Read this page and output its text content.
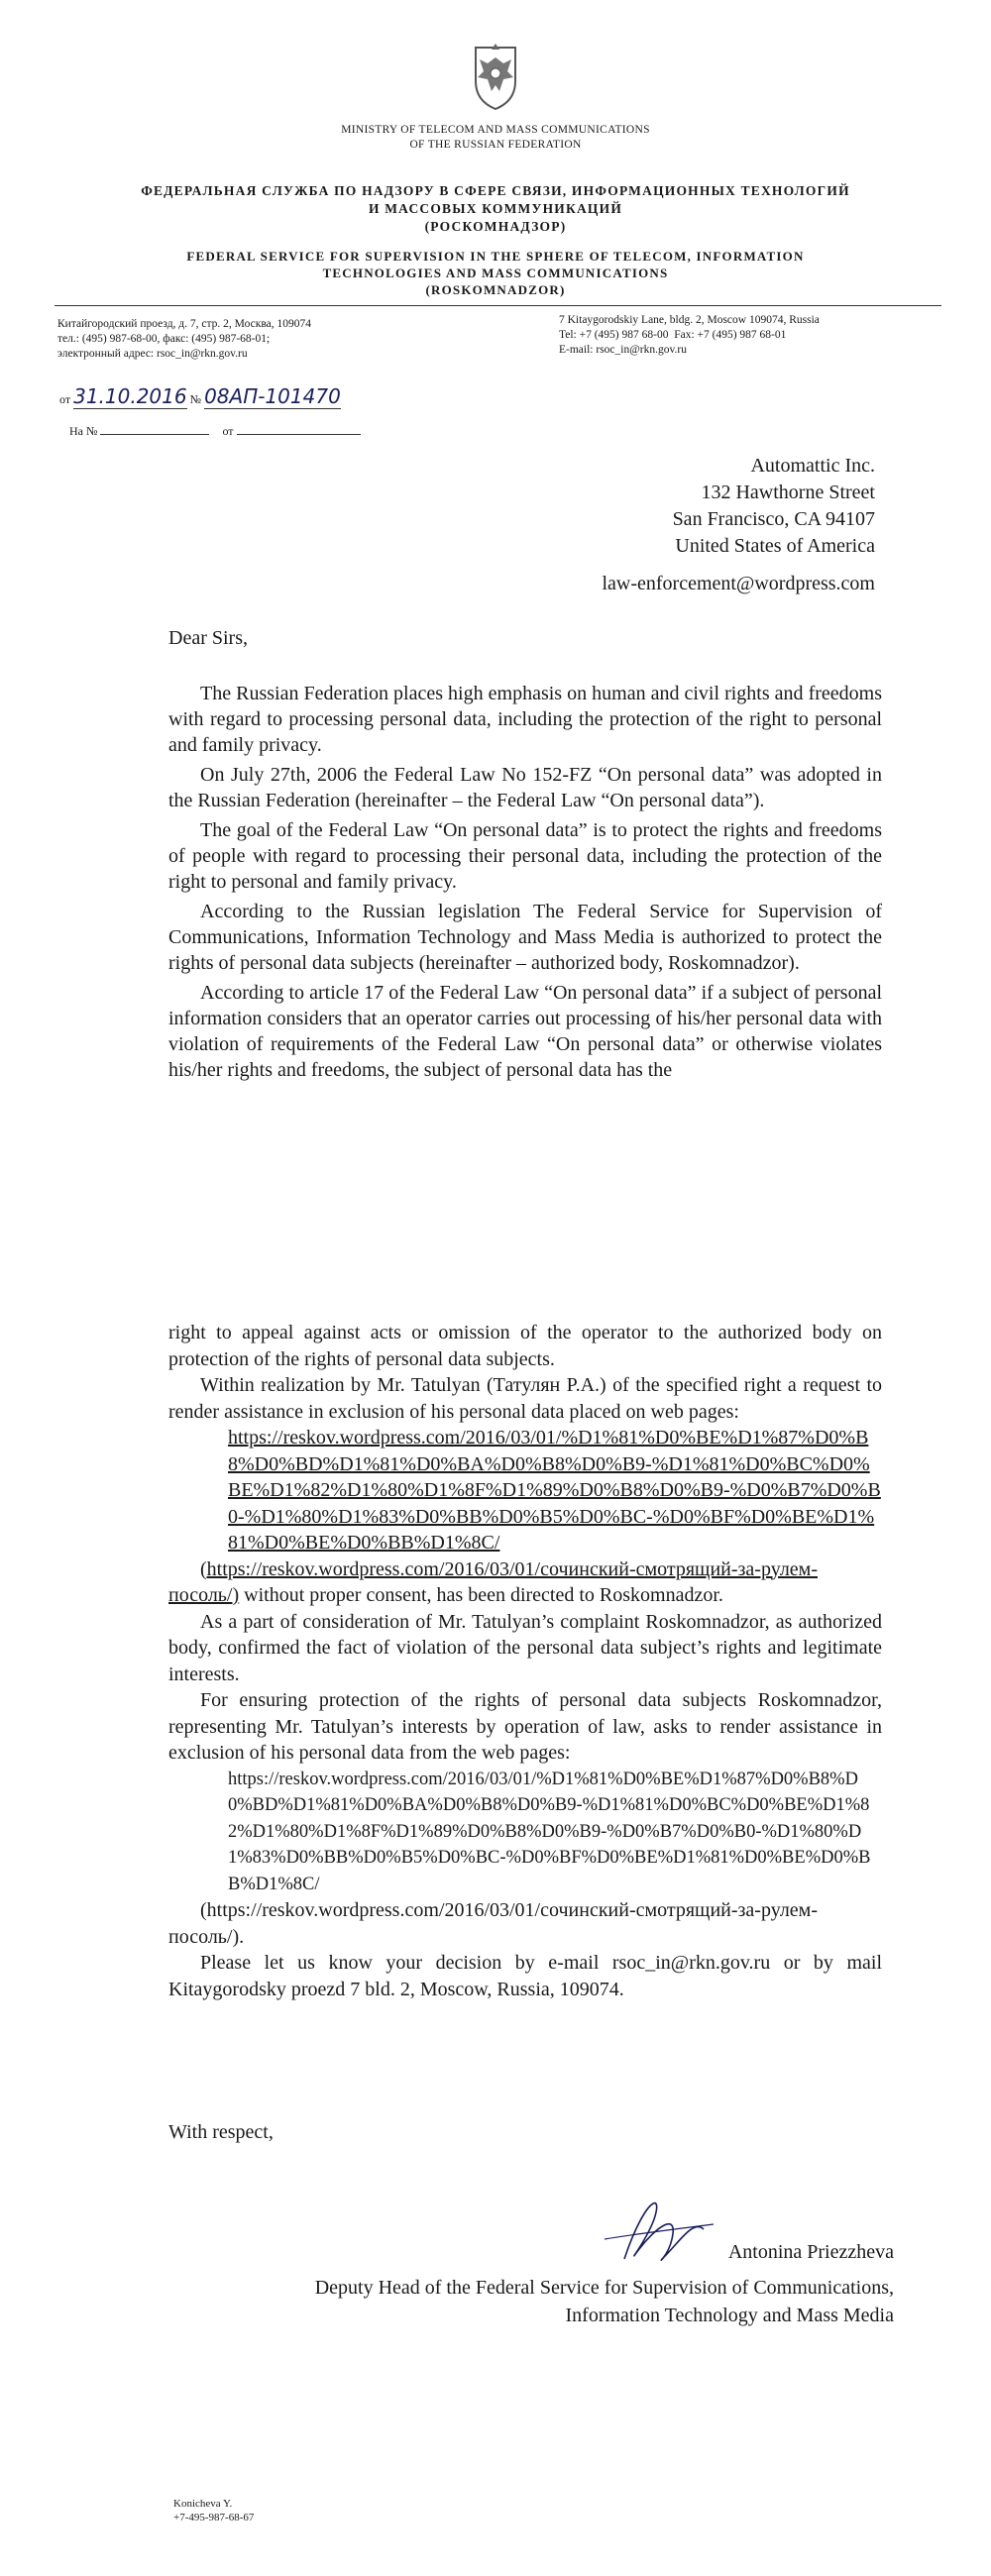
MINISTRY OF TELECOM AND MASS COMMUNICATIONS
OF THE RUSSIAN FEDERATION
ФЕДЕРАЛЬНАЯ СЛУЖБА ПО НАДЗОРУ В СФЕРЕ СВЯЗИ, ИНФОРМАЦИОННЫХ ТЕХНОЛОГИЙ
И МАССОВЫХ КОММУНИКАЦИЙ
(РОСКОМНАДЗОР)
FEDERAL SERVICE FOR SUPERVISION IN THE SPHERE OF TELECOM, INFORMATION
TECHNOLOGIES AND MASS COMMUNICATIONS
(ROSKOMNADZOR)
Китайгородский проезд, д. 7, стр. 2, Москва, 109074
тел.: (495) 987-68-00, факс: (495) 987-68-01;
электронный адрес: rsoc_in@rkn.gov.ru
7 Kitaygorodskiy Lane, bldg. 2, Moscow 109074, Russia
Tel: +7 (495) 987 68-00  Fax: +7 (495) 987 68-01
E-mail: rsoc_in@rkn.gov.ru
от 31.10.2016 № 08АП-101470
На №	от
Automattic Inc.
132 Hawthorne Street
San Francisco, CA 94107
United States of America
law-enforcement@wordpress.com
Dear Sirs,

The Russian Federation places high emphasis on human and civil rights and freedoms with regard to processing personal data, including the protection of the right to personal and family privacy.

On July 27th, 2006 the Federal Law No 152-FZ “On personal data” was adopted in the Russian Federation (hereinafter – the Federal Law “On personal data”).

The goal of the Federal Law “On personal data” is to protect the rights and freedoms of people with regard to processing their personal data, including the protection of the right to personal and family privacy.

According to the Russian legislation The Federal Service for Supervision of Communications, Information Technology and Mass Media is authorized to protect the rights of personal data subjects (hereinafter – authorized body, Roskomnadzor).

According to article 17 of the Federal Law “On personal data” if a subject of personal information considers that an operator carries out processing of his/her personal data with violation of requirements of the Federal Law “On personal data” or otherwise violates his/her rights and freedoms, the subject of personal data has the

right to appeal against acts or omission of the operator to the authorized body on protection of the rights of personal data subjects.

Within realization by Mr. Tatulyan (Татулян P.A.) of the specified right a request to render assistance in exclusion of his personal data placed on web pages:

https://reskov.wordpress.com/2016/03/01/%D1%81%D0%BE%D1%87%D0%B8%D0%BD%D1%81%D0%BA%D0%B8%D0%B9-%D1%81%D0%BC%D0%BE%D1%82%D1%80%D1%8F%D1%89%D0%B8%D0%B9-%D0%B7%D0%B0-%D1%80%D1%83%D0%BB%D0%B5%D0%BC-%D0%BF%D0%BE%D1%81%D0%BE%D0%BB%D1%8C/

(https://reskov.wordpress.com/2016/03/01/сочинский-смотрящий-за-рулем-посоль/) without proper consent, has been directed to Roskomnadzor.

As a part of consideration of Mr. Tatulyan’s complaint Roskomnadzor, as authorized body, confirmed the fact of violation of the personal data subject’s rights and legitimate interests.

For ensuring protection of the rights of personal data subjects Roskomnadzor, representing Mr. Tatulyan’s interests by operation of law, asks to render assistance in exclusion of his personal data from the web pages:

https://reskov.wordpress.com/2016/03/01/%D1%81%D0%BE%D1%87%D0%B8%D0%BD%D1%81%D0%BA%D0%B8%D0%B9-%D1%81%D0%BC%D0%BE%D1%82%D1%80%D1%8F%D1%89%D0%B8%D0%B9-%D0%B7%D0%B0-%D1%80%D1%83%D0%BB%D0%B5%D0%BC-%D0%BF%D0%BE%D1%81%D0%BE%D0%BB%D1%8C/

(https://reskov.wordpress.com/2016/03/01/сочинский-смотрящий-за-рулем-посоль/).

Please let us know your decision by e-mail rsoc_in@rkn.gov.ru or by mail Kitaygorodsky proezd 7 bld. 2, Moscow, Russia, 109074.

With respect,
Antonina Priezzheva
Deputy Head of the Federal Service for Supervision of Communications,
Information Technology and Mass Media
Konicheva Y.
+7-495-987-68-67
